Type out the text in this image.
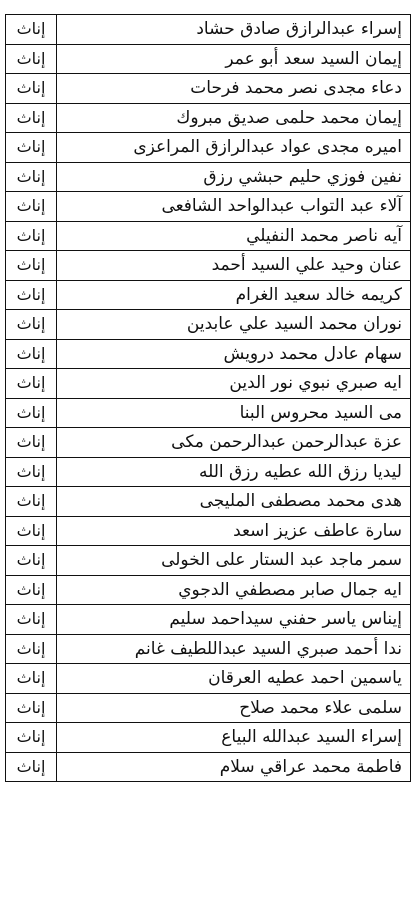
إناث	إسراء عبدالرازق صادق حشاد
إناث	إيمان السيد سعد أبو عمر
إناث	دعاء مجدى نصر محمد فرحات
إناث	إيمان محمد حلمى صديق مبروك
إناث	اميره مجدى عواد عبدالرازق المراعزى
إناث	نفين فوزي حليم حبشي رزق
إناث	آلاء عبد التواب عبدالواحد الشافعى
إناث	آيه ناصر محمد النفيلي
إناث	عنان وحيد علي السيد أحمد
إناث	كريمه خالد سعيد الغرام
إناث	نوران محمد السيد علي عابدين
إناث	سهام عادل محمد درويش
إناث	ايه صبري نبوي نور الدين
إناث	مى السيد محروس البنا
إناث	عزة عبدالرحمن عبدالرحمن مكى
إناث	ليديا رزق الله عطيه رزق الله
إناث	هدى محمد مصطفى المليجى
إناث	سارة عاطف عزيز اسعد
إناث	سمر ماجد عبد الستار على الخولى
إناث	ايه جمال صابر مصطفي الدجوي
إناث	إيناس ياسر حفني سيداحمد سليم
إناث	ندا أحمد صبري السيد عبداللطيف غانم
إناث	ياسمين احمد عطيه العرقان
إناث	سلمى علاء محمد صلاح
إناث	إسراء السيد عبدالله البياع
إناث	فاطمة محمد عراقي سلام
